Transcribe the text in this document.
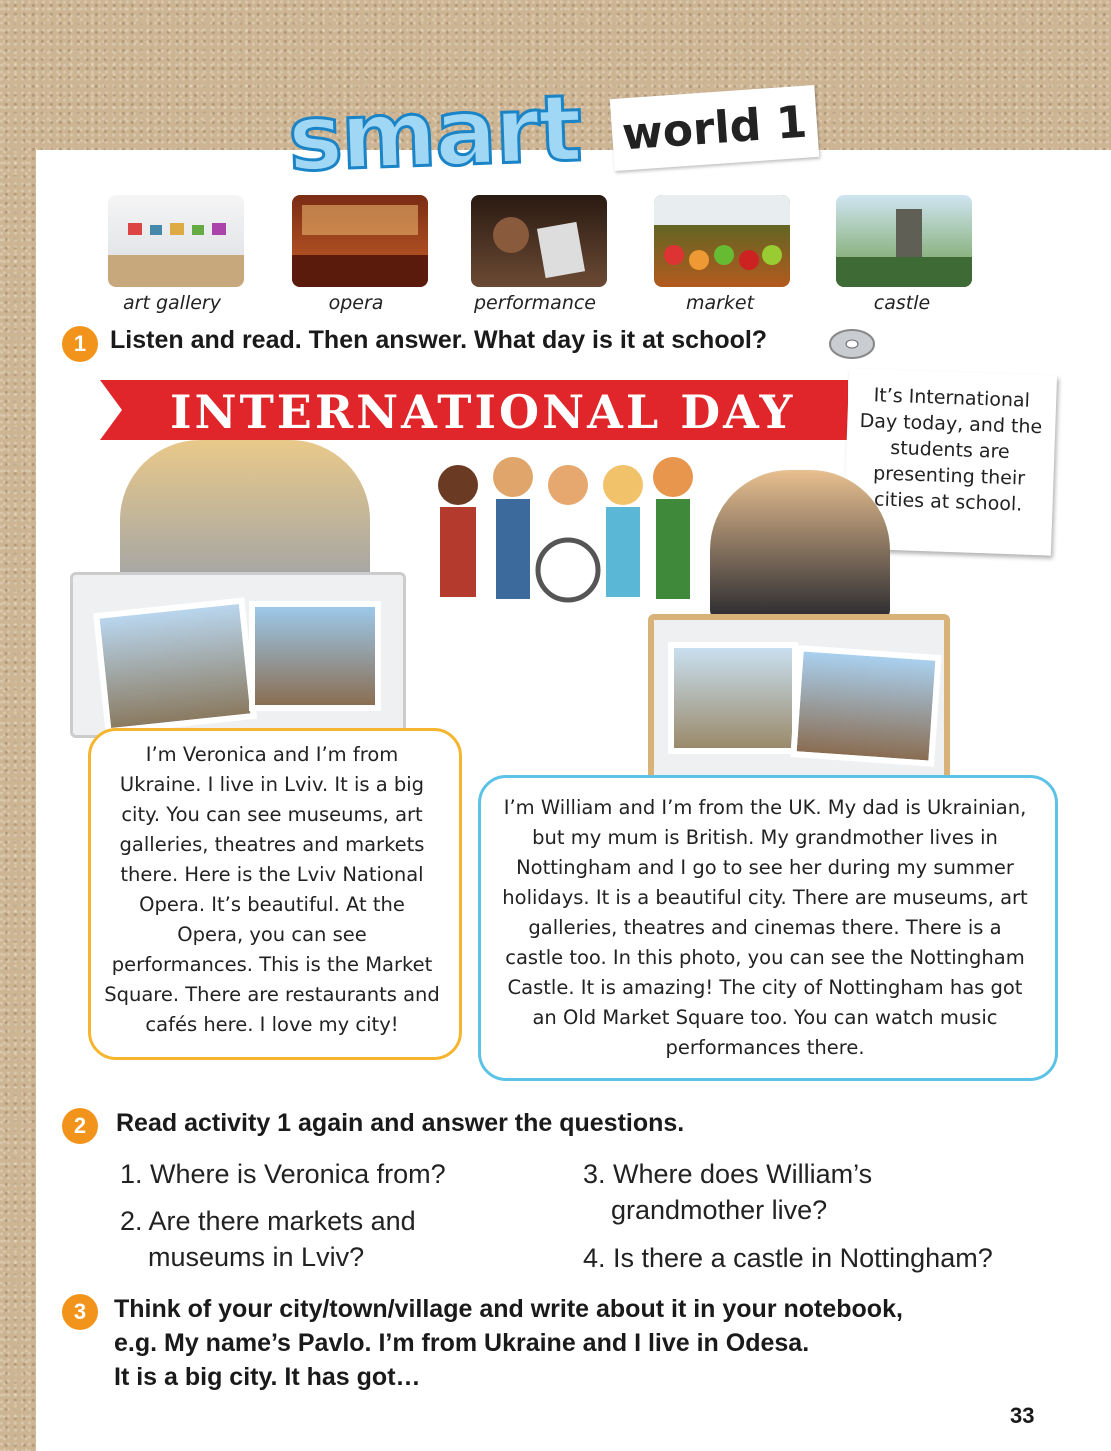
smart world 1
art gallery	opera	performance	market	castle
1 Listen and read. Then answer. What day is it at school?
INTERNATIONAL DAY	It’s International Day today, and the students are presenting their cities at school.
I’m Veronica and I’m from Ukraine. I live in Lviv. It is a big city. You can see museums, art galleries, theatres and markets there. Here is the Lviv National Opera. It’s beautiful. At the Opera, you can see performances. This is the Market Square. There are restaurants and cafés here. I love my city!
I’m William and I’m from the UK. My dad is Ukrainian, but my mum is British. My grandmother lives in Nottingham and I go to see her during my summer holidays. It is a beautiful city. There are museums, art galleries, theatres and cinemas there. There is a castle too. In this photo, you can see the Nottingham Castle. It is amazing! The city of Nottingham has got an Old Market Square too. You can watch music performances there.
2	Read activity 1 again and answer the questions.
1. Where is Veronica from?
2. Are there markets and museums in Lviv?
3. Where does William’s grandmother live?
4. Is there a castle in Nottingham?
3	Think of your city/town/village and write about it in your notebook,
e.g. My name’s Pavlo. I’m from Ukraine and I live in Odesa.
It is a big city. It has got…
33
